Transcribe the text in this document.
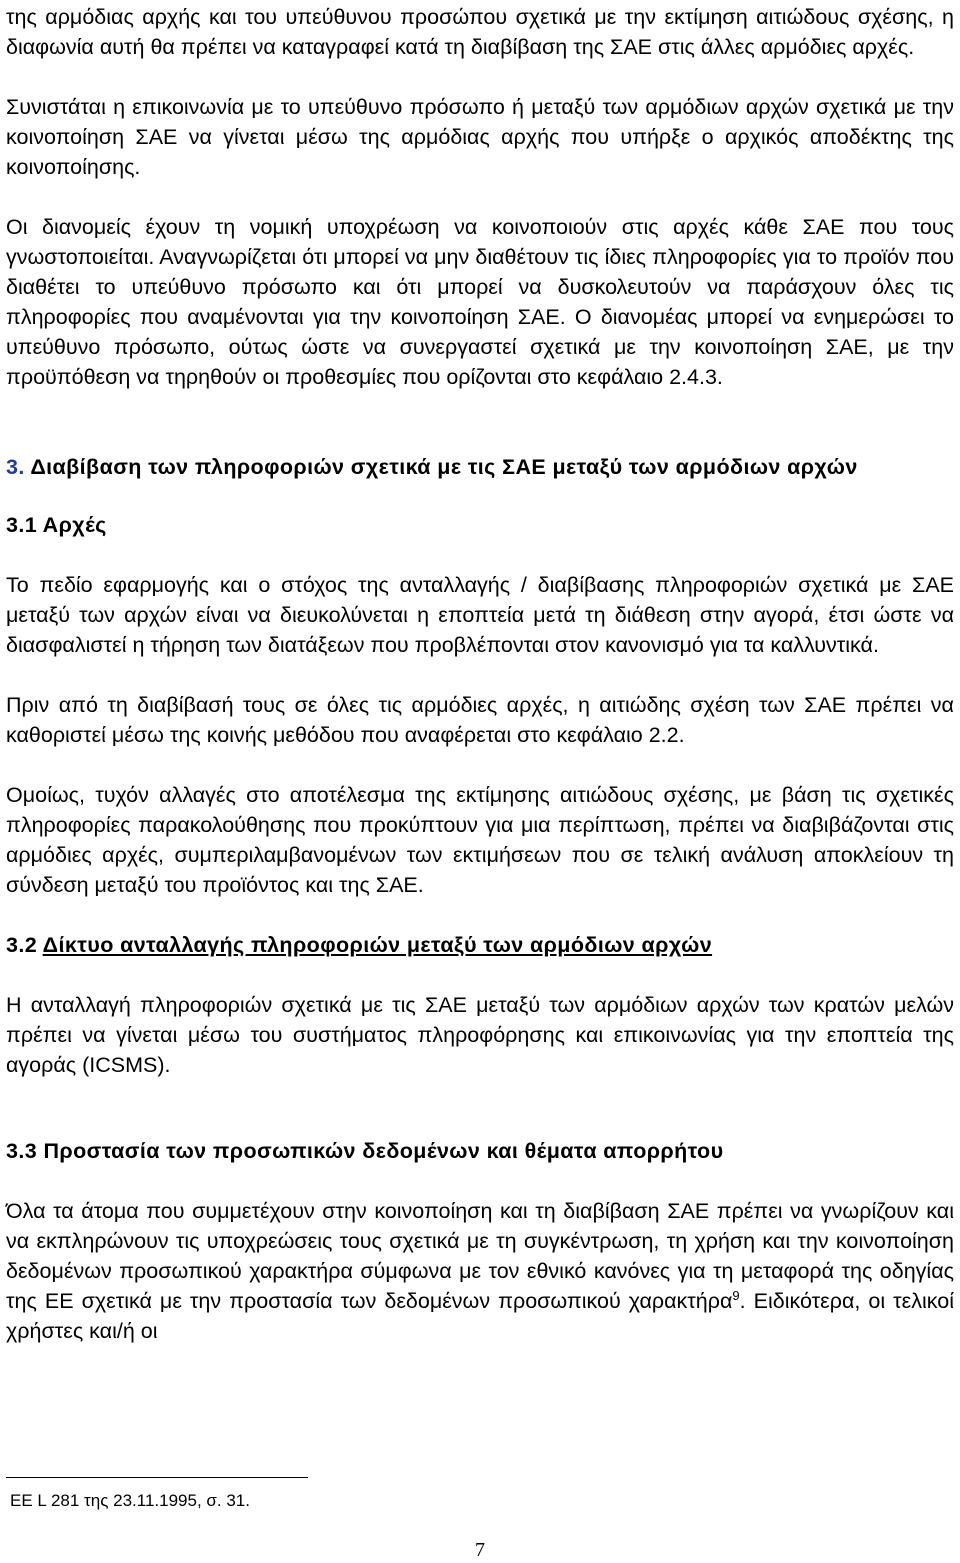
της αρμόδιας αρχής και του υπεύθυνου προσώπου σχετικά με την εκτίμηση αιτιώδους σχέσης, η διαφωνία αυτή θα πρέπει να καταγραφεί κατά τη διαβίβαση της ΣΑΕ στις άλλες αρμόδιες αρχές.

Συνιστάται η επικοινωνία με το υπεύθυνο πρόσωπο ή μεταξύ των αρμόδιων αρχών σχετικά με την κοινοποίηση ΣΑΕ να γίνεται μέσω της αρμόδιας αρχής που υπήρξε ο αρχικός αποδέκτης της κοινοποίησης.

Οι διανομείς έχουν τη νομική υποχρέωση να κοινοποιούν στις αρχές κάθε ΣΑΕ που τους γνωστοποιείται. Αναγνωρίζεται ότι μπορεί να μην διαθέτουν τις ίδιες πληροφορίες για το προϊόν που διαθέτει το υπεύθυνο πρόσωπο και ότι μπορεί να δυσκολευτούν να παράσχουν όλες τις πληροφορίες που αναμένονται για την κοινοποίηση ΣΑΕ. Ο διανομέας μπορεί να ενημερώσει το υπεύθυνο πρόσωπο, ούτως ώστε να συνεργαστεί σχετικά με την κοινοποίηση ΣΑΕ, με την προϋπόθεση να τηρηθούν οι προθεσμίες που ορίζονται στο κεφάλαιο 2.4.3.

3. Διαβίβαση των πληροφοριών σχετικά με τις ΣΑΕ μεταξύ των αρμόδιων αρχών
3.1 Αρχές

Το πεδίο εφαρμογής και ο στόχος της ανταλλαγής / διαβίβασης πληροφοριών σχετικά με ΣΑΕ μεταξύ των αρχών είναι να διευκολύνεται η εποπτεία μετά τη διάθεση στην αγορά, έτσι ώστε να διασφαλιστεί η τήρηση των διατάξεων που προβλέπονται στον κανονισμό για τα καλλυντικά.

Πριν από τη διαβίβασή τους σε όλες τις αρμόδιες αρχές, η αιτιώδης σχέση των ΣΑΕ πρέπει να καθοριστεί μέσω της κοινής μεθόδου που αναφέρεται στο κεφάλαιο 2.2.

Ομοίως, τυχόν αλλαγές στο αποτέλεσμα της εκτίμησης αιτιώδους σχέσης, με βάση τις σχετικές πληροφορίες παρακολούθησης που προκύπτουν για μια περίπτωση, πρέπει να διαβιβάζονται στις αρμόδιες αρχές, συμπεριλαμβανομένων των εκτιμήσεων που σε τελική ανάλυση αποκλείουν τη σύνδεση μεταξύ του προϊόντος και της ΣΑΕ.

3.2 Δίκτυο ανταλλαγής πληροφοριών μεταξύ των αρμόδιων αρχών

Η ανταλλαγή πληροφοριών σχετικά με τις ΣΑΕ μεταξύ των αρμόδιων αρχών των κρατών μελών πρέπει να γίνεται μέσω του συστήματος πληροφόρησης και επικοινωνίας για την εποπτεία της αγοράς (ICSMS).

3.3 Προστασία των προσωπικών δεδομένων και θέματα απορρήτου

Όλα τα άτομα που συμμετέχουν στην κοινοποίηση και τη διαβίβαση ΣΑΕ πρέπει να γνωρίζουν και να εκπληρώνουν τις υποχρεώσεις τους σχετικά με τη συγκέντρωση, τη χρήση και την κοινοποίηση δεδομένων προσωπικού χαρακτήρα σύμφωνα με τον εθνικό κανόνες για τη μεταφορά της οδηγίας της ΕΕ σχετικά με την προστασία των δεδομένων προσωπικού χαρακτήρα$^9$. Ειδικότερα, οι τελικοί χρήστες και/ή οι

ΕΕ L 281 της 23.11.1995, σ. 31.
7
